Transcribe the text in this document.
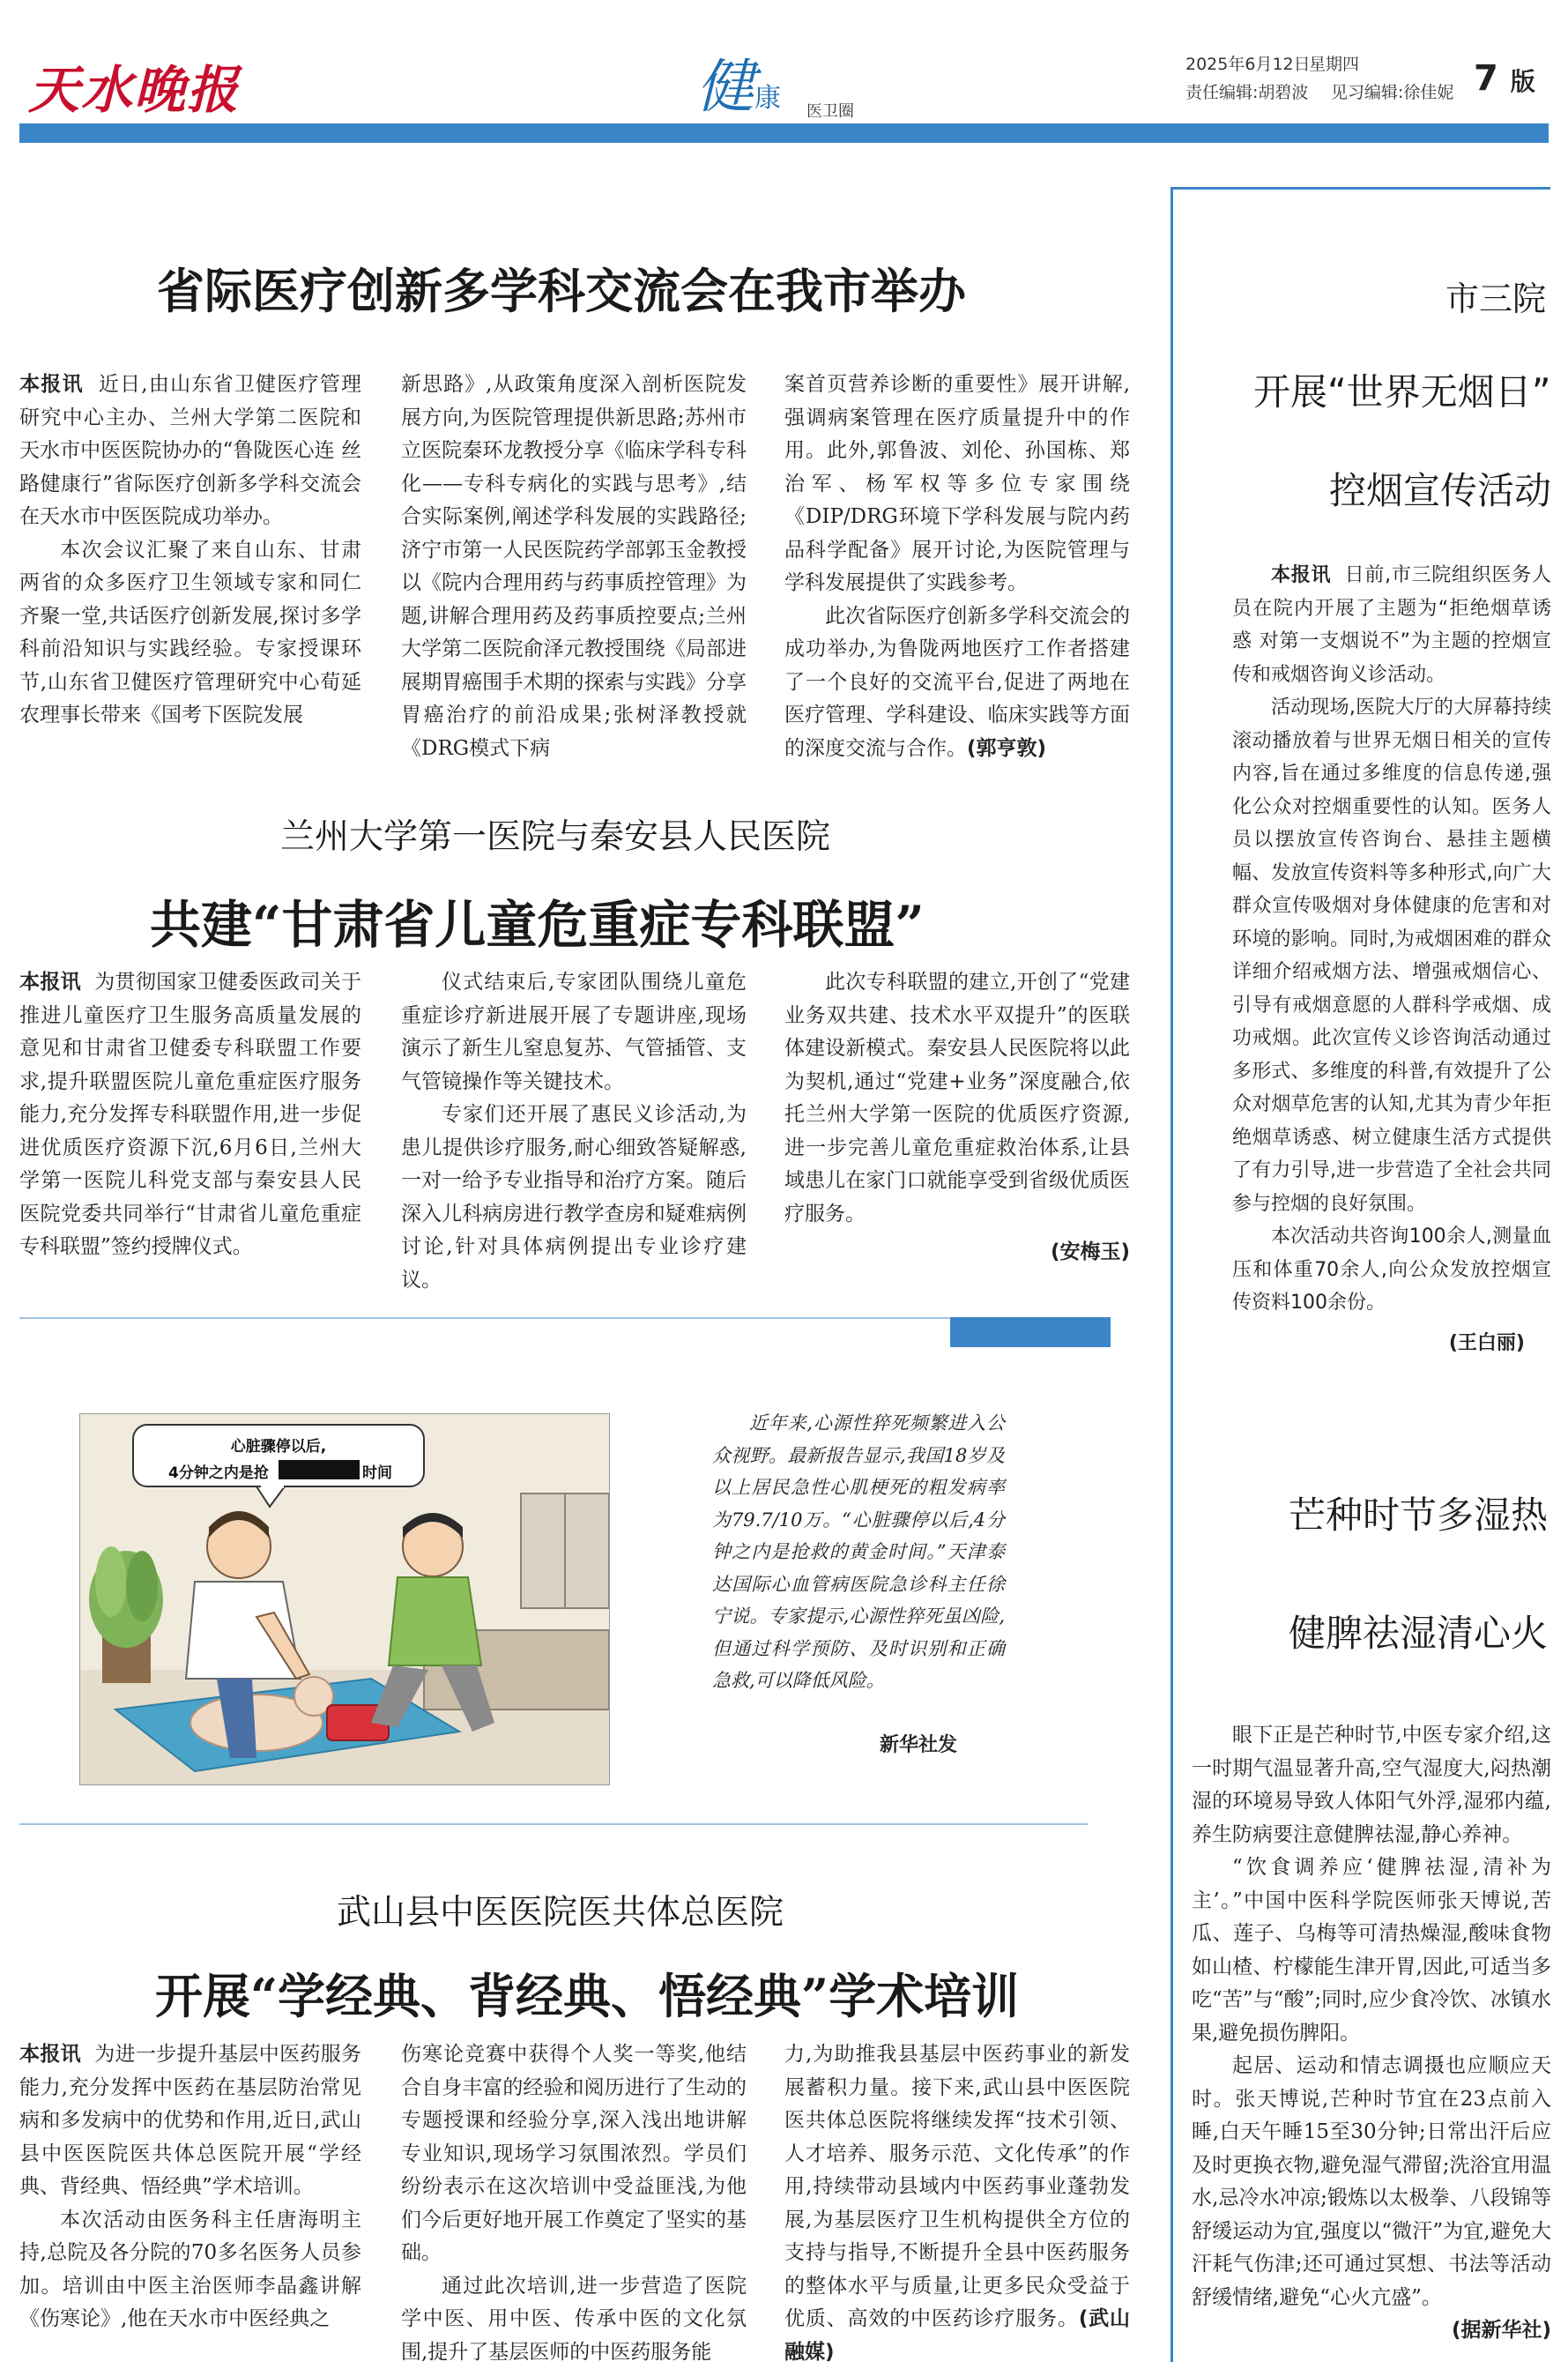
天水晚报	健康 医卫圈
2025年6月12日
星期四
责任编辑:胡碧波 见习编辑:徐佳妮 7 版
省际医疗创新多学科交流会在我市举办

本报讯 近日,由山东省卫健医疗管理研究中心主办、兰州大学第二医院和天水市中医医院协办的“鲁陇医心连 丝路健康行”省际医疗创新多学科交流会在天水市中医医院成功举办。

本次会议汇聚了来自山东、甘肃两省的众多医疗卫生领域专家和同仁齐聚一堂,共话医疗创新发展,探讨多学科前沿知识与实践经验。专家授课环节,山东省卫健医疗管理研究中心荀延农理事长带来《国考下医院发展

新思路》,从政策角度深入剖析医院发展方向,为医院管理提供新思路;苏州市立医院秦环龙教授分享《临床学科专科化——专科专病化的实践与思考》,结合实际案例,阐述学科发展的实践路径;济宁市第一人民医院药学部郭玉金教授以《院内合理用药与药事质控管理》为题,讲解合理用药及药事质控要点;兰州大学第二医院俞泽元教授围绕《局部进展期胃癌围手术期的探索与实践》分享胃癌治疗的前沿成果;张树泽教授就《DRG模式下病

案首页营养诊断的重要性》展开讲解,强调病案管理在医疗质量提升中的作用。此外,郭鲁波、刘伦、孙国栋、郑治军、杨军权等多位专家围绕《DIP/DRG环境下学科发展与院内药品科学配备》展开讨论,为医院管理与学科发展提供了实践参考。

此次省际医疗创新多学科交流会的成功举办,为鲁陇两地医疗工作者搭建了一个良好的交流平台,促进了两地在医疗管理、学科建设、临床实践等方面的深度交流与合作。(郭亨敦)

兰州大学第一医院与秦安县人民医院
共建“甘肃省儿童危重症专科联盟”

本报讯 为贯彻国家卫健委医政司关于推进儿童医疗卫生服务高质量发展的意见和甘肃省卫健委专科联盟工作要求,提升联盟医院儿童危重症医疗服务能力,充分发挥专科联盟作用,进一步促进优质医疗资源下沉,6月6日,兰州大学第一医院儿科党支部与秦安县人民医院党委共同举行“甘肃省儿童危重症专科联盟”签约授牌仪式。

仪式结束后,专家团队围绕儿童危重症诊疗新进展开展了专题讲座,现场演示了新生儿窒息复苏、气管插管、支气管镜操作等关键技术。

专家们还开展了惠民义诊活动,为患儿提供诊疗服务,耐心细致答疑解惑,一对一给予专业指导和治疗方案。随后深入儿科病房进行教学查房和疑难病例讨论,针对具体病例提出专业诊疗建议。

此次专科联盟的建立,开创了“党建业务双共建、技术水平双提升”的医联体建设新模式。秦安县人民医院将以此为契机,通过“党建+业务”深度融合,依托兰州大学第一医院的优质医疗资源,进一步完善儿童危重症救治体系,让县域患儿在家门口就能享受到省级优质医疗服务。

(安梅玉)

心脏骤停以后,
4分钟之内是抢	时间

近年来,心源性猝死频繁进入公众视野。最新报告显示,我国18岁及以上居民急性心肌梗死的粗发病率为79.7/10万。“心脏骤停以后,4分钟之内是抢救的黄金时间。”天津泰达国际心血管病医院急诊科主任徐宁说。专家提示,心源性猝死虽凶险,但通过科学预防、及时识别和正确急救,可以降低风险。

新华社发
武山县中医医院医共体总医院
开展“学经典、背经典、悟经典”学术培训

本报讯 为进一步提升基层中医药服务能力,充分发挥中医药在基层防治常见病和多发病中的优势和作用,近日,武山县中医医院医共体总医院开展“学经典、背经典、悟经典”学术培训。

本次活动由医务科主任唐海明主持,总院及各分院的70多名医务人员参加。培训由中医主治医师李晶鑫讲解《伤寒论》,他在天水市中医经典之

伤寒论竞赛中获得个人奖一等奖,他结合自身丰富的经验和阅历进行了生动的专题授课和经验分享,深入浅出地讲解专业知识,现场学习氛围浓烈。学员们纷纷表示在这次培训中受益匪浅,为他们今后更好地开展工作奠定了坚实的基础。

通过此次培训,进一步营造了医院学中医、用中医、传承中医的文化氛围,提升了基层医师的中医药服务能

力,为助推我县基层中医药事业的新发展蓄积力量。接下来,武山县中医医院医共体总医院将继续发挥“技术引领、人才培养、服务示范、文化传承”的作用,持续带动县域内中医药事业蓬勃发展,为基层医疗卫生机构提供全方位的支持与指导,不断提升全县中医药服务的整体水平与质量,让更多民众受益于优质、高效的中医药诊疗服务。(武山融媒)

市三院
开展“世界无烟日”
控烟宣传活动

本报讯 日前,市三院组织医务人员在院内开展了主题为“拒绝烟草诱惑 对第一支烟说不”为主题的控烟宣传和戒烟咨询义诊活动。

活动现场,医院大厅的大屏幕持续滚动播放着与世界无烟日相关的宣传内容,旨在通过多维度的信息传递,强化公众对控烟重要性的认知。医务人员以摆放宣传咨询台、悬挂主题横幅、发放宣传资料等多种形式,向广大群众宣传吸烟对身体健康的危害和对环境的影响。同时,为戒烟困难的群众详细介绍戒烟方法、增强戒烟信心、引导有戒烟意愿的人群科学戒烟、成功戒烟。此次宣传义诊咨询活动通过多形式、多维度的科普,有效提升了公众对烟草危害的认知,尤其为青少年拒绝烟草诱惑、树立健康生活方式提供了有力引导,进一步营造了全社会共同参与控烟的良好氛围。

本次活动共咨询100余人,测量血压和体重70余人,向公众发放控烟宣传资料100余份。

(王白丽)

芒种时节多湿热
健脾祛湿清心火

眼下正是芒种时节,中医专家介绍,这一时期气温显著升高,空气湿度大,闷热潮湿的环境易导致人体阳气外浮,湿邪内蕴,养生防病要注意健脾祛湿,静心养神。

“饮食调养应‘健脾祛湿,清补为主’。”中国中医科学院医师张天博说,苦瓜、莲子、乌梅等可清热燥湿,酸味食物如山楂、柠檬能生津开胃,因此,可适当多吃“苦”与“酸”;同时,应少食冷饮、冰镇水果,避免损伤脾阳。

起居、运动和情志调摄也应顺应天时。张天博说,芒种时节宜在23点前入睡,白天午睡15至30分钟;日常出汗后应及时更换衣物,避免湿气滞留;洗浴宜用温水,忌冷水冲凉;锻炼以太极拳、八段锦等舒缓运动为宜,强度以“微汗”为宜,避免大汗耗气伤津;还可通过冥想、书法等活动舒缓情绪,避免“心火亢盛”。

(据新华社)
